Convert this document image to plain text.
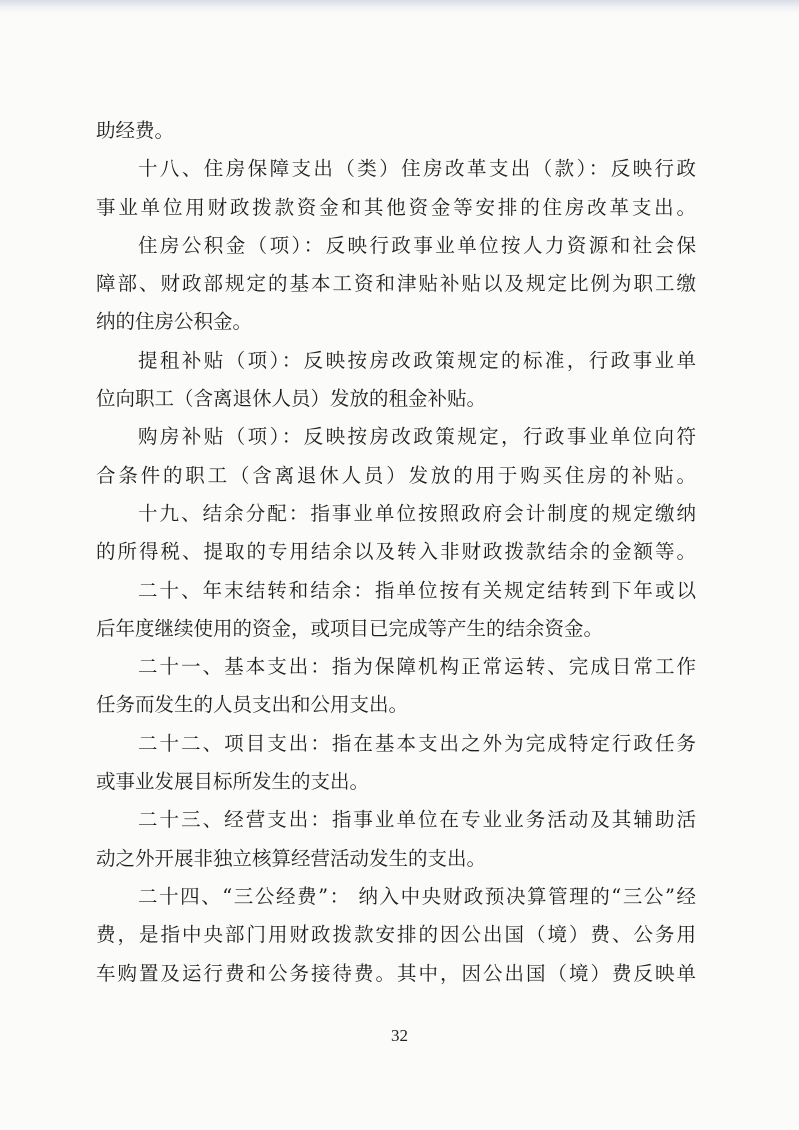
助经费。
十八、住房保障支出（类）住房改革支出（款）：反映行政
事业单位用财政拨款资金和其他资金等安排的住房改革支出。
住房公积金（项）：反映行政事业单位按人力资源和社会保
障部、财政部规定的基本工资和津贴补贴以及规定比例为职工缴
纳的住房公积金。
提租补贴（项）：反映按房改政策规定的标准，行政事业单
位向职工（含离退休人员）发放的租金补贴。
购房补贴（项）：反映按房改政策规定，行政事业单位向符
合条件的职工（含离退休人员）发放的用于购买住房的补贴。
十九、结余分配：指事业单位按照政府会计制度的规定缴纳
的所得税、提取的专用结余以及转入非财政拨款结余的金额等。
二十、年末结转和结余：指单位按有关规定结转到下年或以
后年度继续使用的资金，或项目已完成等产生的结余资金。
二十一、基本支出：指为保障机构正常运转、完成日常工作
任务而发生的人员支出和公用支出。
二十二、项目支出：指在基本支出之外为完成特定行政任务
或事业发展目标所发生的支出。
二十三、经营支出：指事业单位在专业业务活动及其辅助活
动之外开展非独立核算经营活动发生的支出。
二十四、“三公经费”： 纳入中央财政预决算管理的“三公”经
费，是指中央部门用财政拨款安排的因公出国（境）费、公务用
车购置及运行费和公务接待费。其中，因公出国（境）费反映单
32
